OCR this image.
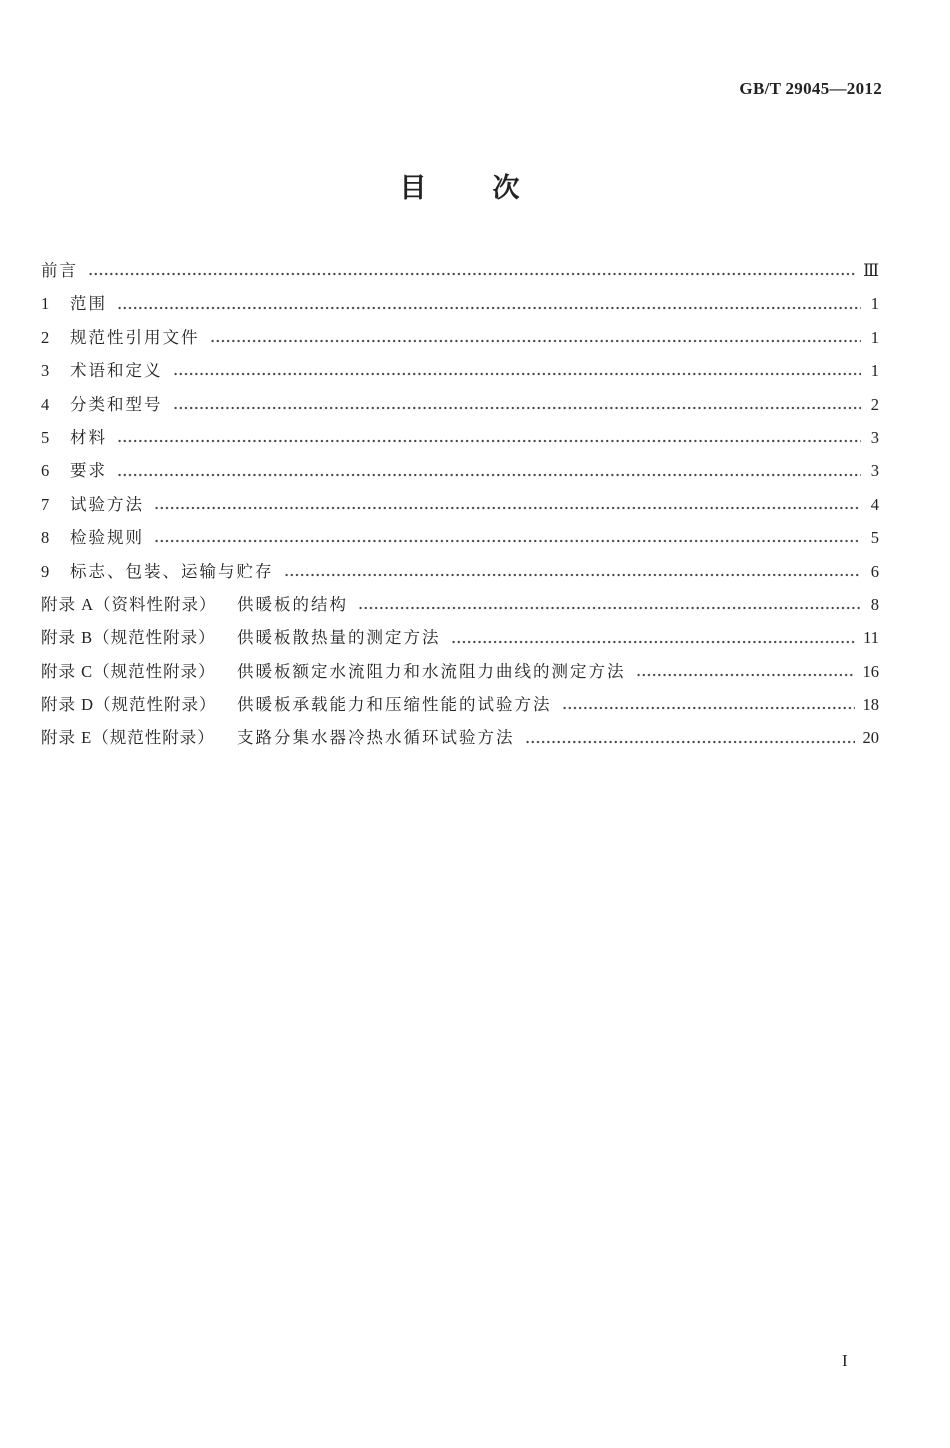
GB/T 29045—2012
目　　次
前言	Ⅲ
1	范围	1
2	规范性引用文件	1
3	术语和定义	1
4	分类和型号	2
5	材料	3
6	要求	3
7	试验方法	4
8	检验规则	5
9	标志、包装、运输与贮存	6
附录 A（资料性附录）	供暖板的结构	8
附录 B（规范性附录）	供暖板散热量的测定方法	11
附录 C（规范性附录）	供暖板额定水流阻力和水流阻力曲线的测定方法	16
附录 D（规范性附录）	供暖板承载能力和压缩性能的试验方法	18
附录 E（规范性附录）	支路分集水器冷热水循环试验方法	20
I
